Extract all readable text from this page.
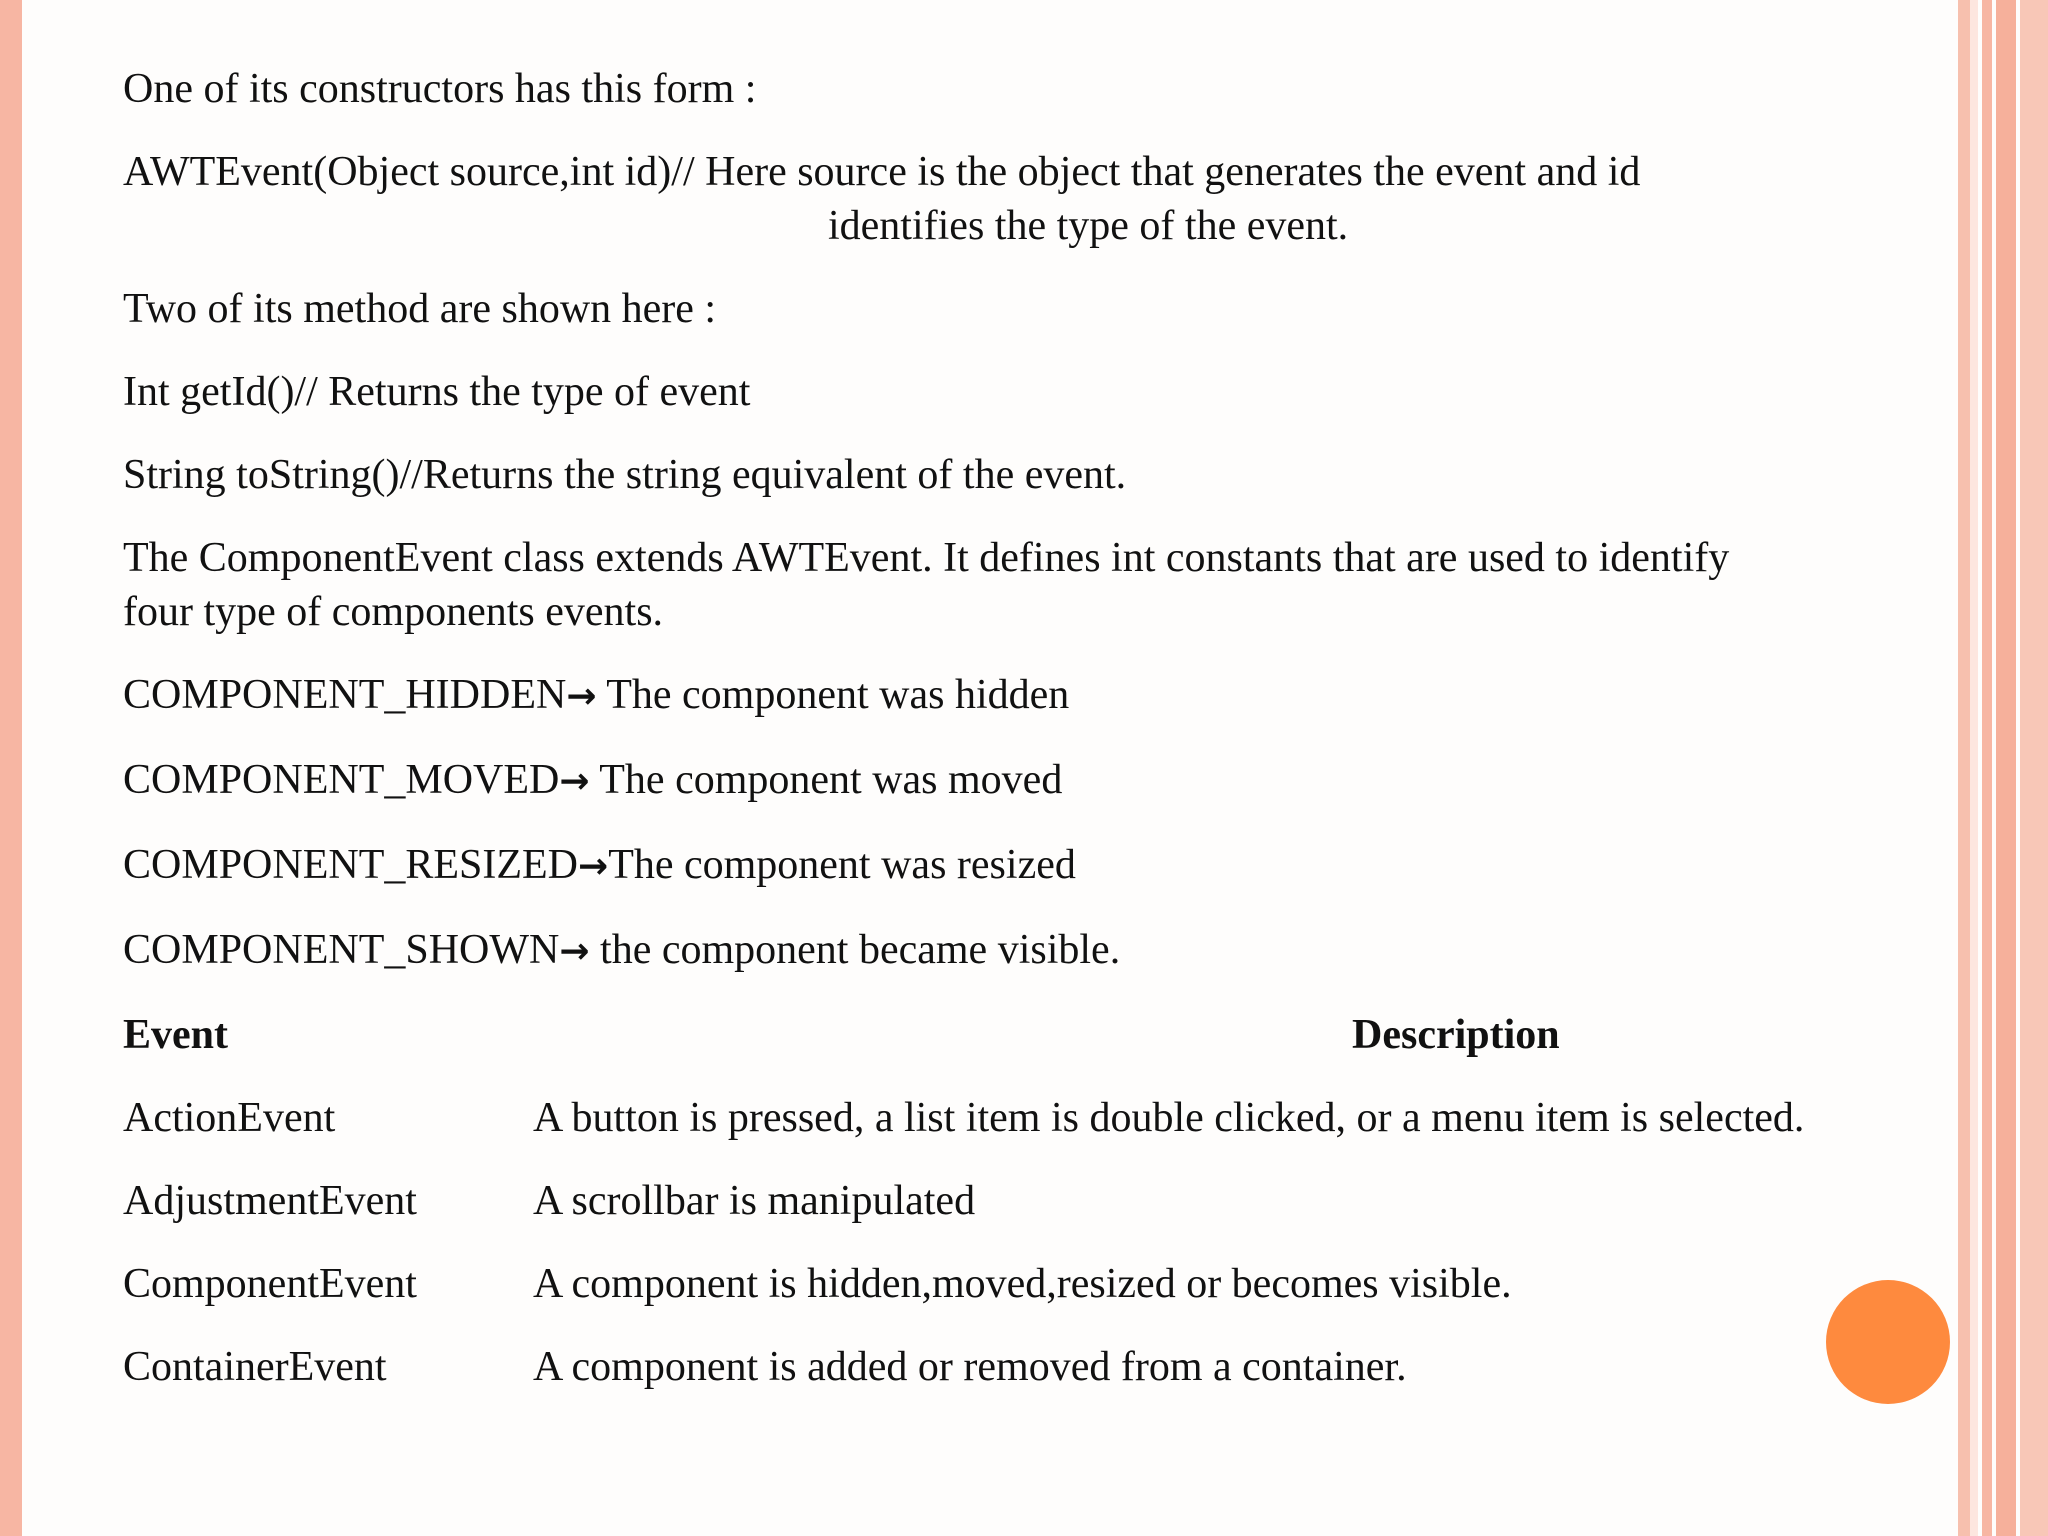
One of its constructors has this form :

AWTEvent(Object source,int id)// Here source is the object that generates the event and id
identifies the type of the event.

Two of its method are shown here :

Int getId()// Returns the type of event

String toString()//Returns the string equivalent of the event.

The ComponentEvent class extends AWTEvent. It defines int constants that are used to identify
four type of components events.

COMPONENT_HIDDEN→ The component was hidden

COMPONENT_MOVED→ The component was moved

COMPONENT_RESIZED→The component was resized

COMPONENT_SHOWN→ the component became visible.

Event	Description
ActionEvent	A button is pressed, a list item is double clicked, or a menu item is selected.
AdjustmentEvent	A scrollbar is manipulated
ComponentEvent	A component is hidden,moved,resized or becomes visible.
ContainerEvent	A component is added or removed from a container.
